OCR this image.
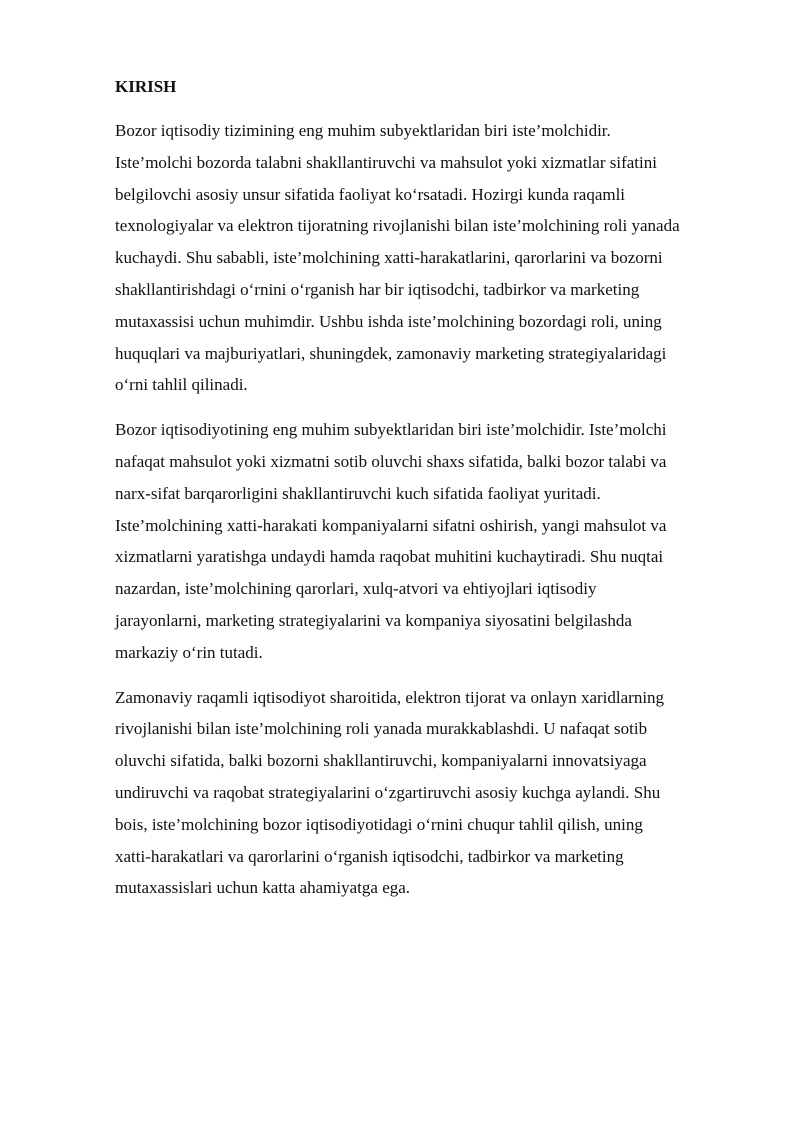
KIRISH
Bozor iqtisodiy tizimining eng muhim subyektlaridan biri iste’molchidir.
Iste’molchi bozorda talabni shakllantiruvchi va mahsulot yoki xizmatlar sifatini
belgilovchi asosiy unsur sifatida faoliyat koʻrsatadi. Hozirgi kunda raqamli
texnologiyalar va elektron tijoratning rivojlanishi bilan iste’molchining roli yanada
kuchaydi. Shu sababli, iste’molchining xatti-harakatlarini, qarorlarini va bozorni
shakllantirishdagi oʻrnini oʻrganish har bir iqtisodchi, tadbirkor va marketing
mutaxassisi uchun muhimdir. Ushbu ishda iste’molchining bozordagi roli, uning
huquqlari va majburiyatlari, shuningdek, zamonaviy marketing strategiyalaridagi
oʻrni tahlil qilinadi.
Bozor iqtisodiyotining eng muhim subyektlaridan biri iste’molchidir. Iste’molchi
nafaqat mahsulot yoki xizmatni sotib oluvchi shaxs sifatida, balki bozor talabi va
narx-sifat barqarorligini shakllantiruvchi kuch sifatida faoliyat yuritadi.
Iste’molchining xatti-harakati kompaniyalarni sifatni oshirish, yangi mahsulot va
xizmatlarni yaratishga undaydi hamda raqobat muhitini kuchaytiradi. Shu nuqtai
nazardan, iste’molchining qarorlari, xulq-atvori va ehtiyojlari iqtisodiy
jarayonlarni, marketing strategiyalarini va kompaniya siyosatini belgilashda
markaziy oʻrin tutadi.
Zamonaviy raqamli iqtisodiyot sharoitida, elektron tijorat va onlayn xaridlarning
rivojlanishi bilan iste’molchining roli yanada murakkablashdi. U nafaqat sotib
oluvchi sifatida, balki bozorni shakllantiruvchi, kompaniyalarni innovatsiyaga
undiruvchi va raqobat strategiyalarini oʻzgartiruvchi asosiy kuchga aylandi. Shu
bois, iste’molchining bozor iqtisodiyotidagi oʻrnini chuqur tahlil qilish, uning
xatti-harakatlari va qarorlarini oʻrganish iqtisodchi, tadbirkor va marketing
mutaxassislari uchun katta ahamiyatga ega.
